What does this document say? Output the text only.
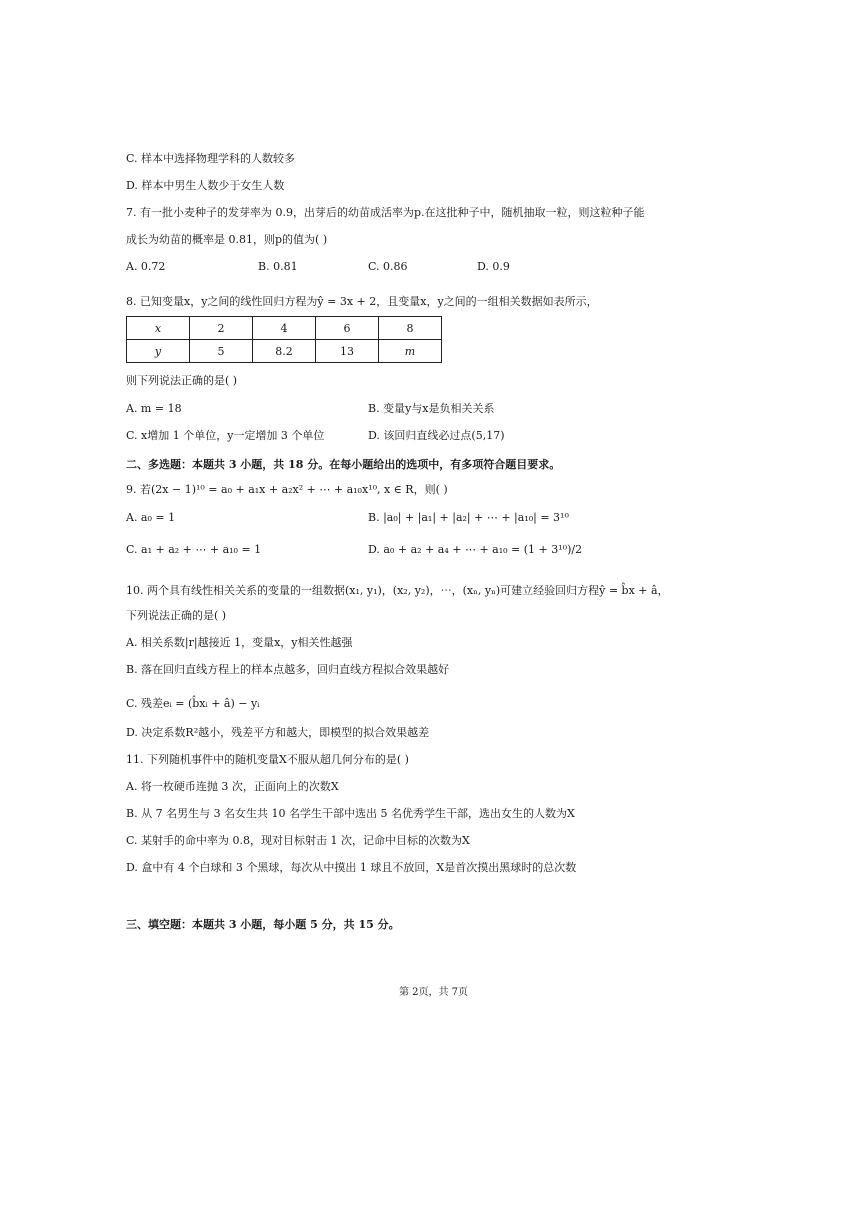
C. 样本中选择物理学科的人数较多
D. 样本中男生人数少于女生人数
7. 有一批小麦种子的发芽率为 0.9，出芽后的幼苗成活率为p.在这批种子中，随机抽取一粒，则这粒种子能
成长为幼苗的概率是 0.81，则p的值为( )
A. 0.72	B. 0.81	C. 0.86	D. 0.9
8. 已知变量x，y之间的线性回归方程为ŷ = 3x + 2，且变量x，y之间的一组相关数据如表所示，
x	2	4	6	8
y	5	8.2	13	m
则下列说法正确的是( )
A. m = 18	B. 变量y与x是负相关关系
C. x增加 1 个单位，y一定增加 3 个单位	D. 该回归直线必过点(5,17)
二、多选题：本题共 3 小题，共 18 分。在每小题给出的选项中，有多项符合题目要求。
9. 若(2x − 1)¹⁰ = a₀ + a₁x + a₂x² + ⋯ + a₁₀x¹⁰, x ∈ R，则( )
A. a₀ = 1	B. |a₀| + |a₁| + |a₂| + ⋯ + |a₁₀| = 3¹⁰
C. a₁ + a₂ + ⋯ + a₁₀ = 1	D. a₀ + a₂ + a₄ + ⋯ + a₁₀ = (1 + 3¹⁰)/2
10. 两个具有线性相关关系的变量的一组数据(x₁, y₁)，(x₂, y₂)，⋯，(xₙ, yₙ)可建立经验回归方程ŷ = b̂x + â，
下列说法正确的是( )
A. 相关系数|r|越接近 1，变量x，y相关性越强
B. 落在回归直线方程上的样本点越多，回归直线方程拟合效果越好
C. 残差eᵢ = (b̂xᵢ + â) − yᵢ
D. 决定系数R²越小，残差平方和越大，即模型的拟合效果越差
11. 下列随机事件中的随机变量X不服从超几何分布的是( )
A. 将一枚硬币连抛 3 次，正面向上的次数X
B. 从 7 名男生与 3 名女生共 10 名学生干部中选出 5 名优秀学生干部，选出女生的人数为X
C. 某射手的命中率为 0.8，现对目标射击 1 次，记命中目标的次数为X
D. 盒中有 4 个白球和 3 个黑球，每次从中摸出 1 球且不放回，X是首次摸出黑球时的总次数
三、填空题：本题共 3 小题，每小题 5 分，共 15 分。
第 2页，共 7页
